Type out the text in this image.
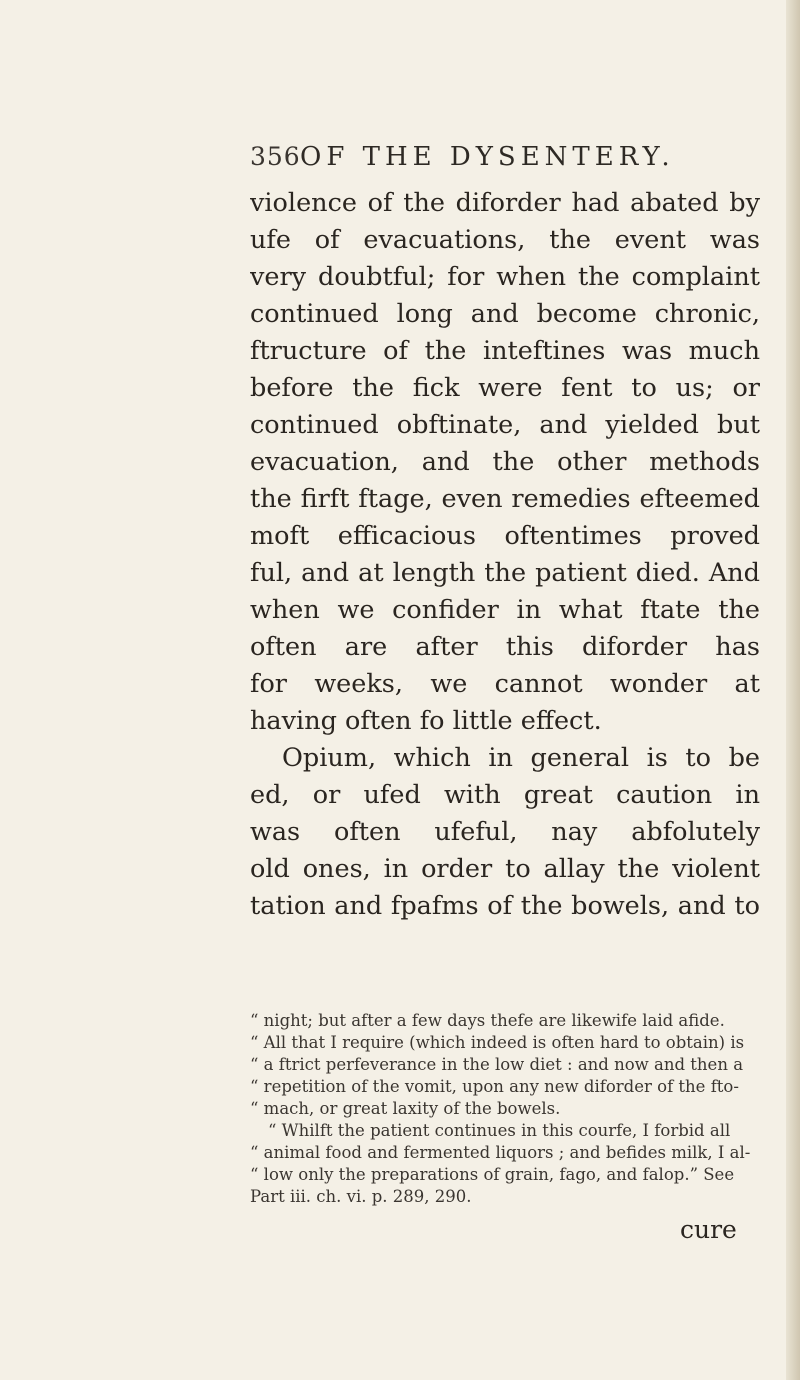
356 OF THE DYSENTERY.
violence of the diforder had abated by
ufe of evacuations, the event was
very doubtful; for when the complaint
continued long and become chronic,
ftructure of the inteftines was much
before the fick were fent to us; or
continued obftinate, and yielded but
evacuation, and the other methods
the firft ftage, even remedies efteemed
moft efficacious oftentimes proved
ful, and at length the patient died. And
when we confider in what ftate the
often are after this diforder has
for weeks, we cannot wonder at
having often fo little effect.
Opium, which in general is to be
ed, or ufed with great caution in
was often ufeful, nay abfolutely
old ones, in order to allay the violent
tation and fpafms of the bowels, and to
“ night; but after a few days thefe are likewife laid afide.
“ All that I require (which indeed is often hard to obtain) is
“ a ftrict perfeverance in the low diet : and now and then a
“ repetition of the vomit, upon any new diforder of the fto-
“ mach, or great laxity of the bowels.
“ Whilft the patient continues in this courfe, I forbid all
“ animal food and fermented liquors ; and befides milk, I al-
“ low only the preparations of grain, fago, and falop.” See
Part iii. ch. vi. p. 289, 290.
cure
